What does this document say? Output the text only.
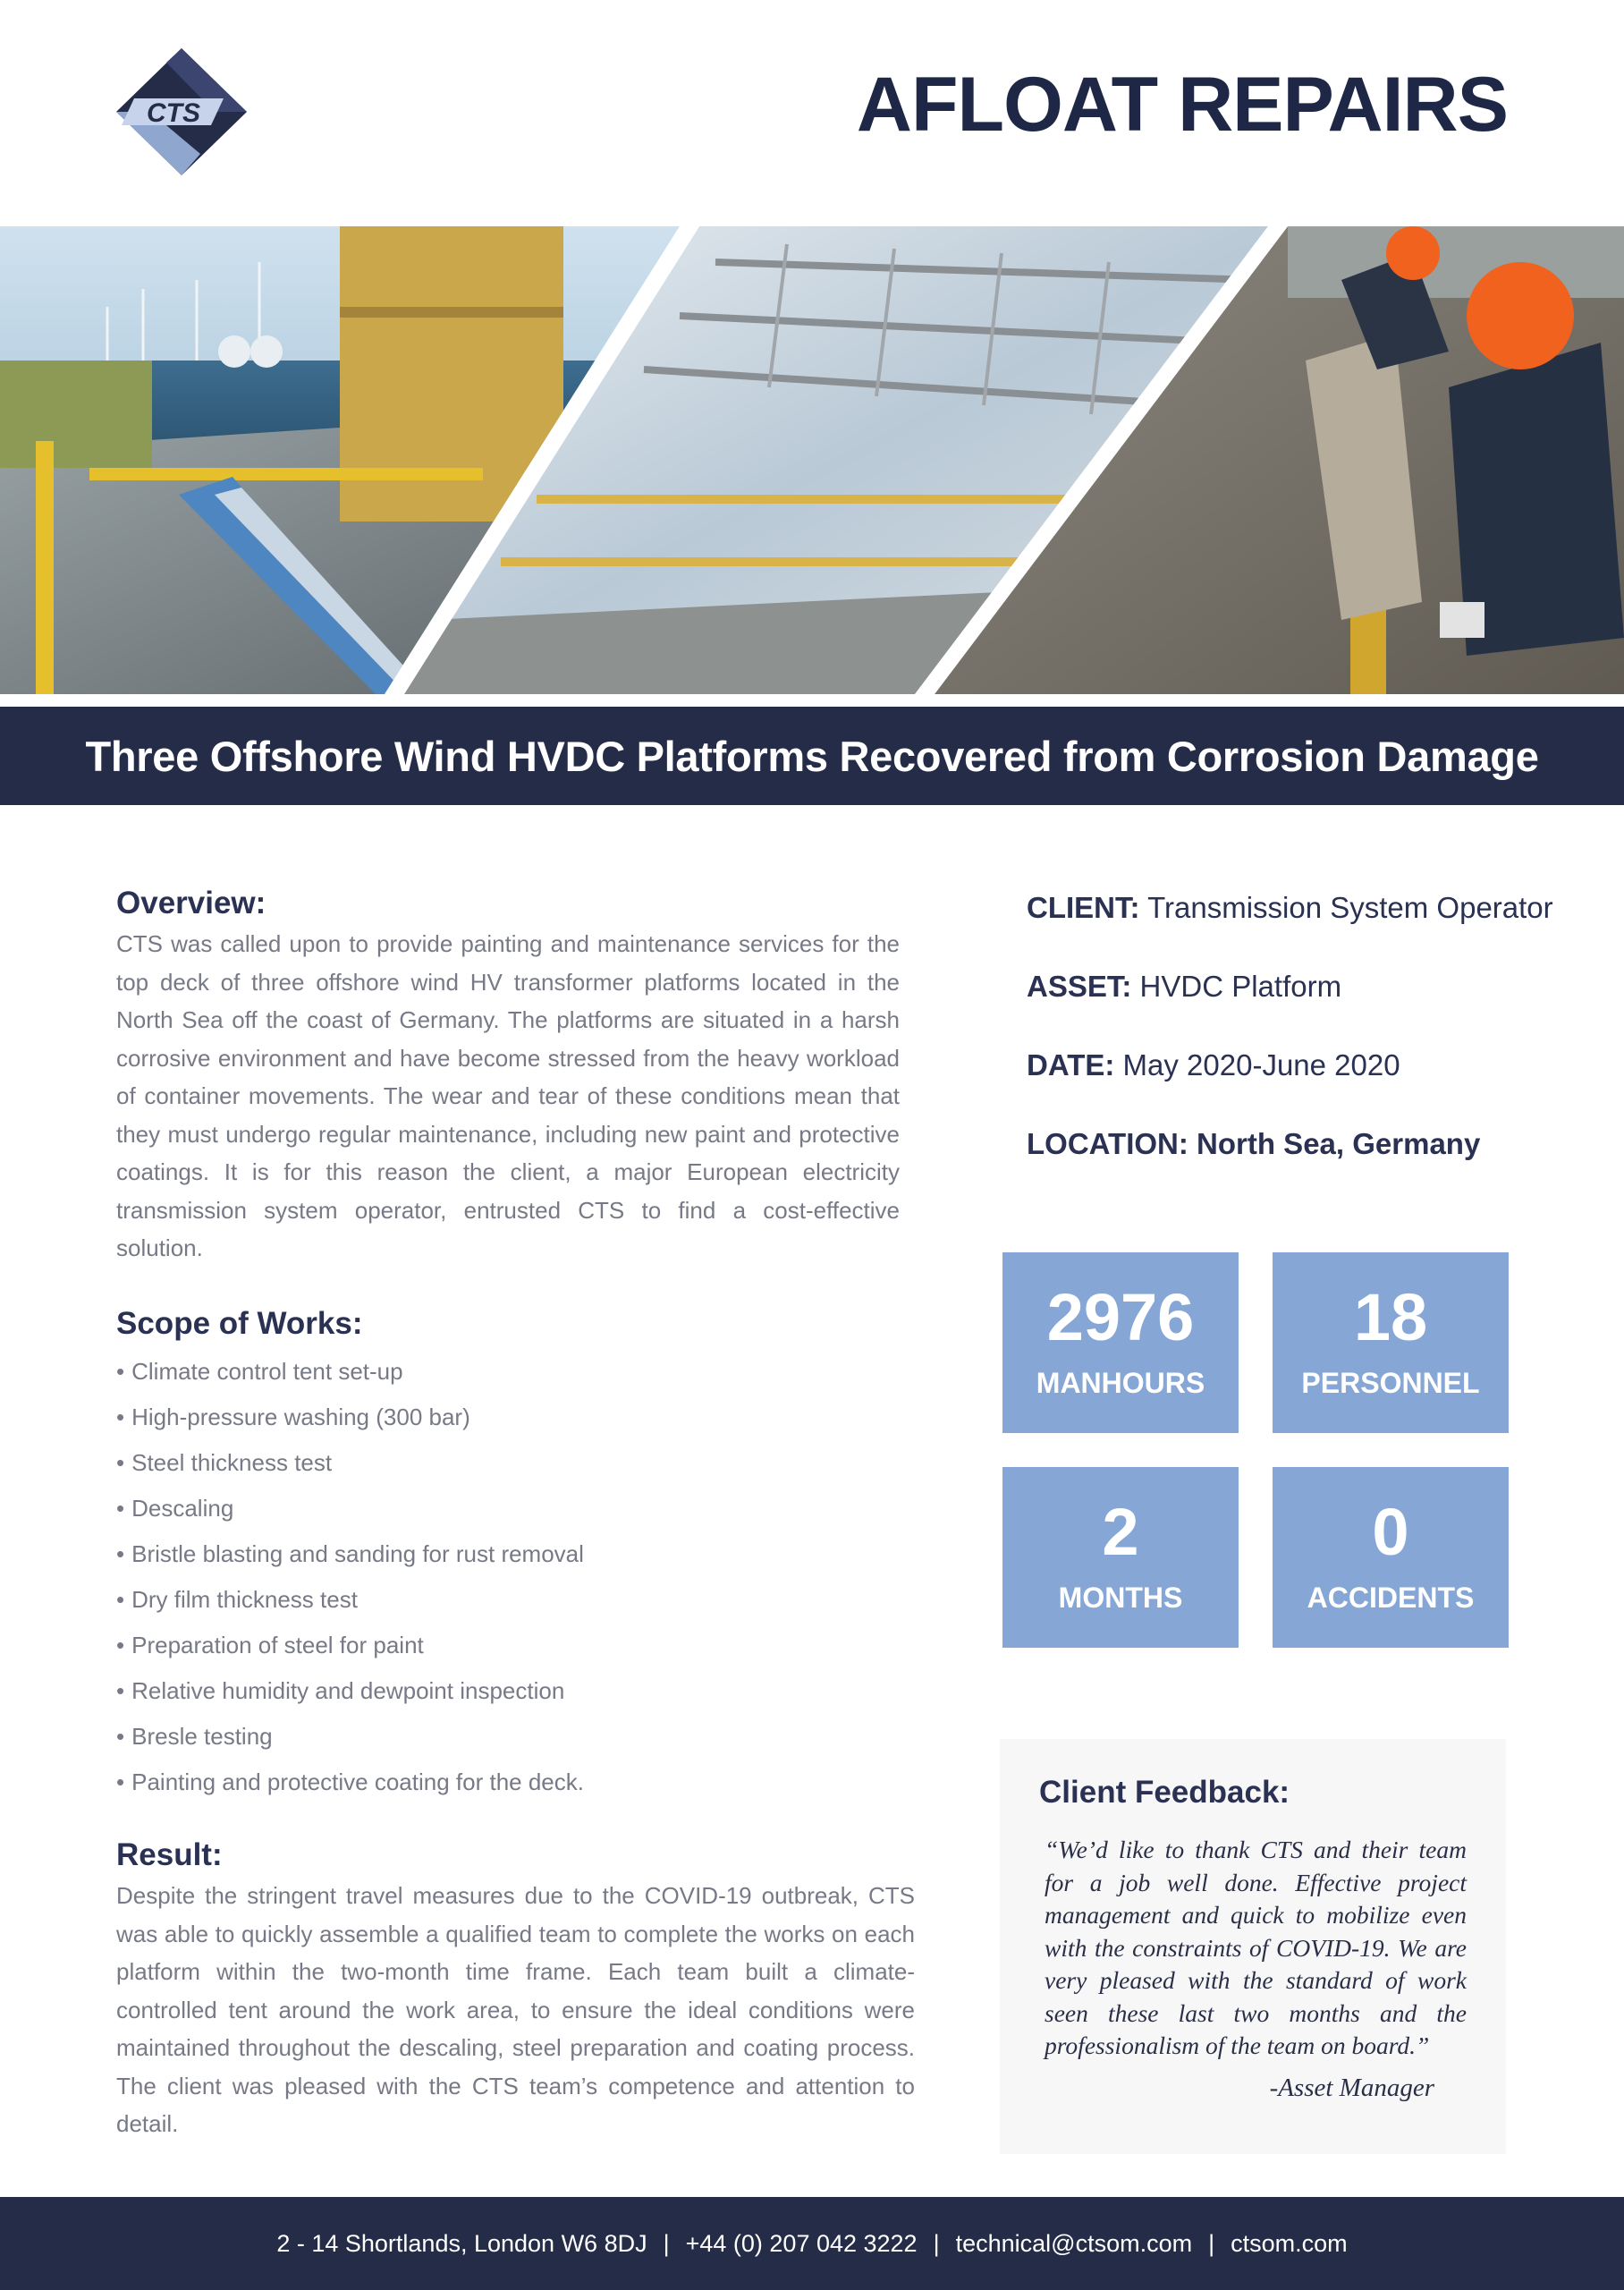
CTS	AFLOAT REPAIRS
Three Offshore Wind HVDC Platforms Recovered from Corrosion Damage
Overview:

CTS was called upon to provide painting and maintenance services for the top deck of three offshore wind HV transformer platforms located in the North Sea off the coast of Germany. The platforms are situated in a harsh corrosive environment and have become stressed from the heavy workload of container movements. The wear and tear of these conditions mean that they must undergo regular maintenance, including new paint and protective coatings. It is for this reason the client, a major European electricity transmission system operator, entrusted CTS to find a cost-effective solution.

Scope of Works:
• Climate control tent set-up
• High-pressure washing (300 bar)
• Steel thickness test
• Descaling
• Bristle blasting and sanding for rust removal
• Dry film thickness test
• Preparation of steel for paint
• Relative humidity and dewpoint inspection
• Bresle testing
• Painting and protective coating for the deck.
Result:

Despite the stringent travel measures due to the COVID-19 outbreak, CTS was able to quickly assemble a qualified team to complete the works on each platform within the two-month time frame. Each team built a climate-controlled tent around the work area, to ensure the ideal conditions were maintained throughout the descaling, steel preparation and coating process. The client was pleased with the CTS team’s competence and attention to detail.

CLIENT: Transmission System Operator
ASSET: HVDC Platform
DATE: May 2020-June 2020
LOCATION: North Sea, Germany
2976
MANHOURS
18
PERSONNEL
2
MONTHS
0
ACCIDENTS
Client Feedback:

“We’d like to thank CTS and their team for a job well done. Effective project management and quick to mobilize even with the constraints of COVID-19. We are very pleased with the standard of work seen these last two months and the professionalism of the team on board.”

-Asset Manager
2 - 14 Shortlands, London W6 8DJ | +44 (0) 207 042 3222 | technical@ctsom.com | ctsom.com
